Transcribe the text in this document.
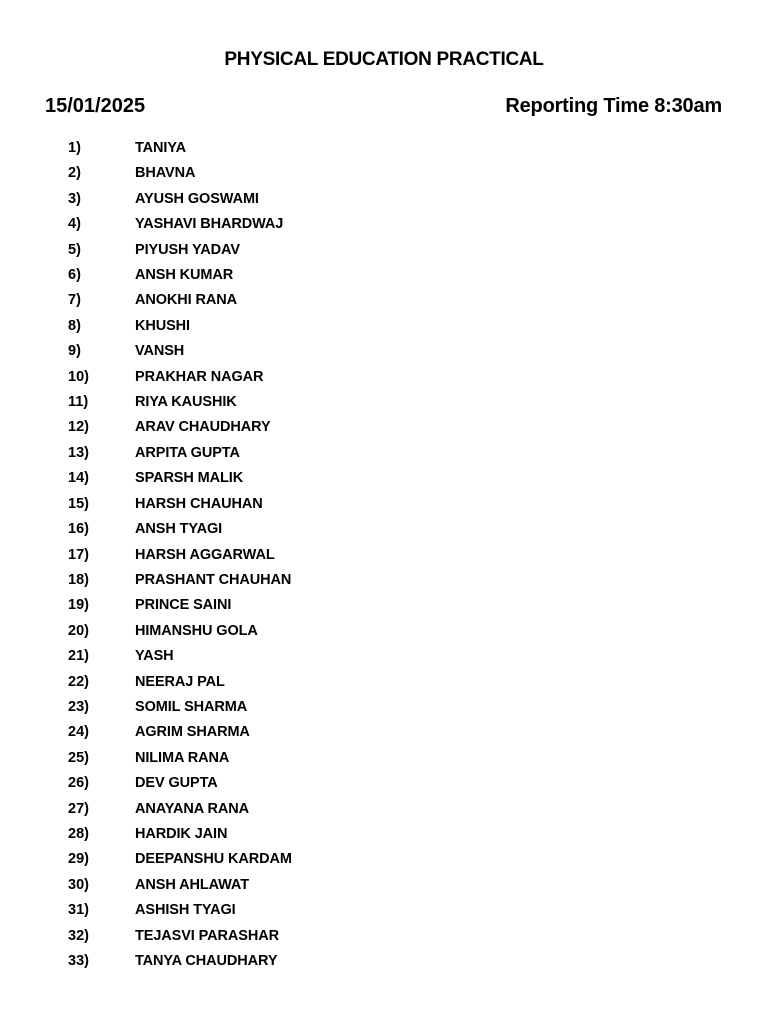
PHYSICAL EDUCATION PRACTICAL
15/01/2025	Reporting Time 8:30am
1)	TANIYA
2)	BHAVNA
3)	AYUSH GOSWAMI
4)	YASHAVI BHARDWAJ
5)	PIYUSH YADAV
6)	ANSH KUMAR
7)	ANOKHI RANA
8)	KHUSHI
9)	VANSH
10)	PRAKHAR NAGAR
11)	RIYA KAUSHIK
12)	ARAV CHAUDHARY
13)	ARPITA GUPTA
14)	SPARSH MALIK
15)	HARSH CHAUHAN
16)	ANSH TYAGI
17)	HARSH AGGARWAL
18)	PRASHANT CHAUHAN
19)	PRINCE SAINI
20)	HIMANSHU GOLA
21)	YASH
22)	NEERAJ PAL
23)	SOMIL SHARMA
24)	AGRIM SHARMA
25)	NILIMA RANA
26)	DEV GUPTA
27)	ANAYANA RANA
28)	HARDIK JAIN
29)	DEEPANSHU KARDAM
30)	ANSH AHLAWAT
31)	ASHISH TYAGI
32)	TEJASVI PARASHAR
33)	TANYA CHAUDHARY
